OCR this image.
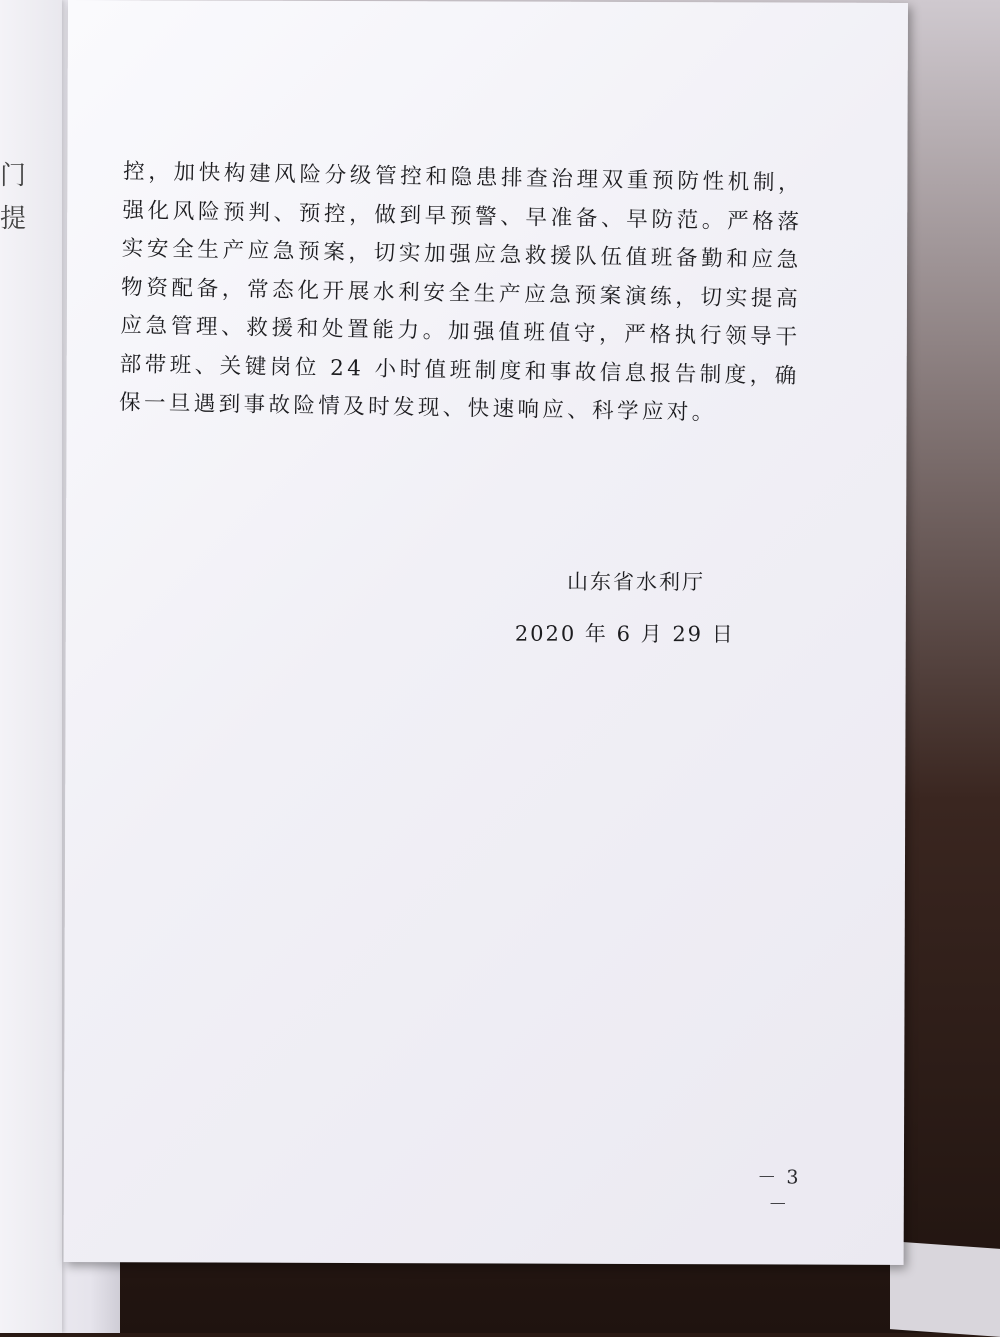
门
提

控，加快构建风险分级管控和隐患排查治理双重预防性机制，强化风险预判、预控，做到早预警、早准备、早防范。严格落实安全生产应急预案，切实加强应急救援队伍值班备勤和应急物资配备，常态化开展水利安全生产应急预案演练，切实提高应急管理、救援和处置能力。加强值班值守，严格执行领导干部带班、关键岗位 24 小时值班制度和事故信息报告制度，确保一旦遇到事故险情及时发现、快速响应、科学应对。

山东省水利厅
2020 年 6 月 29 日
－ 3 －
